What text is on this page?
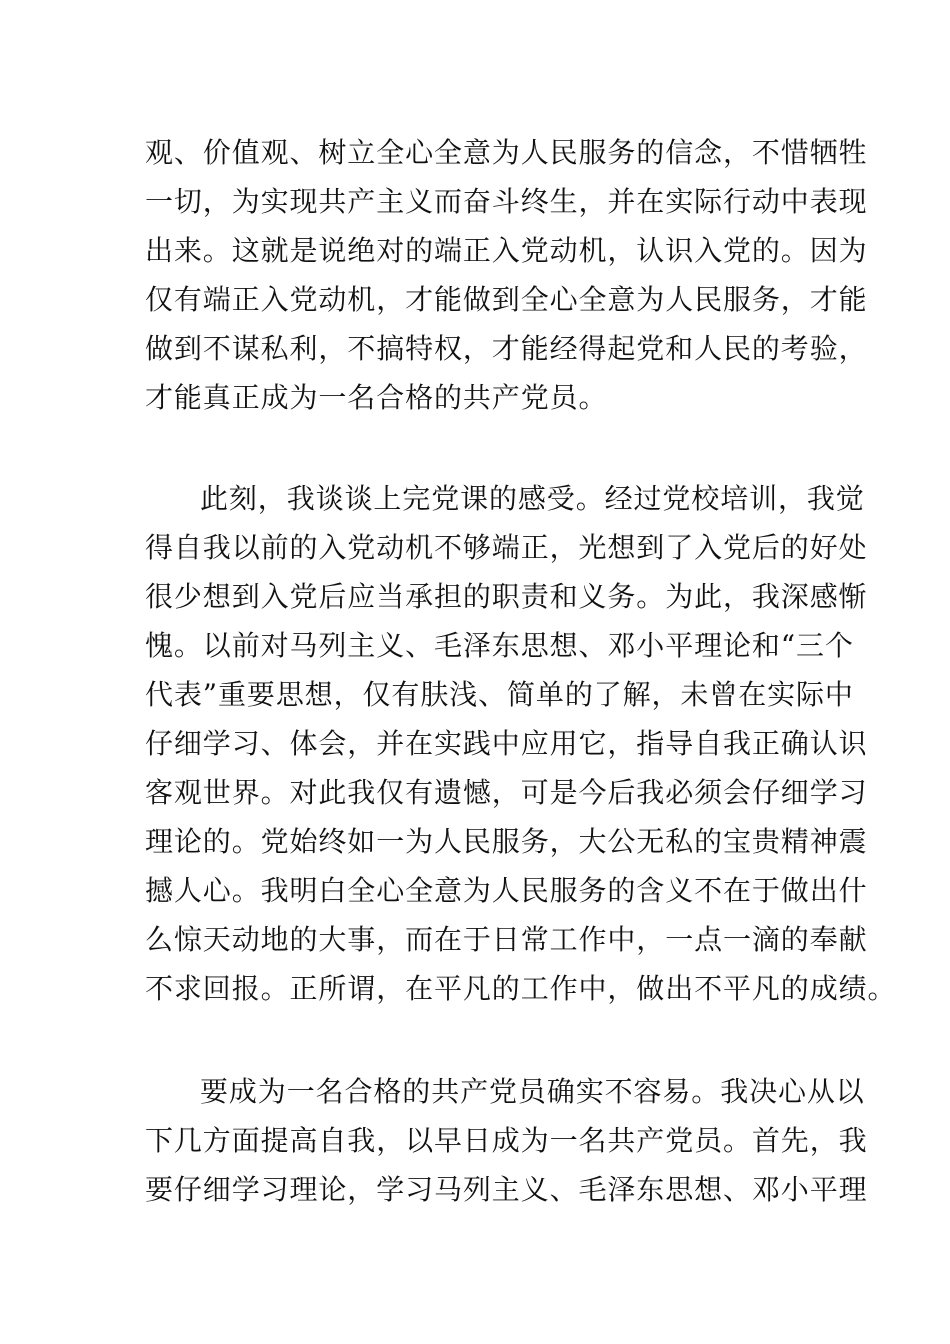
观、价值观、树立全心全意为人民服务的信念，不惜牺牲
一切，为实现共产主义而奋斗终生，并在实际行动中表现
出来。这就是说绝对的端正入党动机，认识入党的。因为
仅有端正入党动机，才能做到全心全意为人民服务，才能
做到不谋私利，不搞特权，才能经得起党和人民的考验，
才能真正成为一名合格的共产党员。
此刻，我谈谈上完党课的感受。经过党校培训，我觉
得自我以前的入党动机不够端正，光想到了入党后的好处
很少想到入党后应当承担的职责和义务。为此，我深感惭
愧。以前对马列主义、毛泽东思想、邓小平理论和“三个
代表”重要思想，仅有肤浅、简单的了解，未曾在实际中
仔细学习、体会，并在实践中应用它，指导自我正确认识
客观世界。对此我仅有遗憾，可是今后我必须会仔细学习
理论的。党始终如一为人民服务，大公无私的宝贵精神震
撼人心。我明白全心全意为人民服务的含义不在于做出什
么惊天动地的大事，而在于日常工作中，一点一滴的奉献
不求回报。正所谓，在平凡的工作中，做出不平凡的成绩。
要成为一名合格的共产党员确实不容易。我决心从以
下几方面提高自我，以早日成为一名共产党员。首先，我
要仔细学习理论，学习马列主义、毛泽东思想、邓小平理
